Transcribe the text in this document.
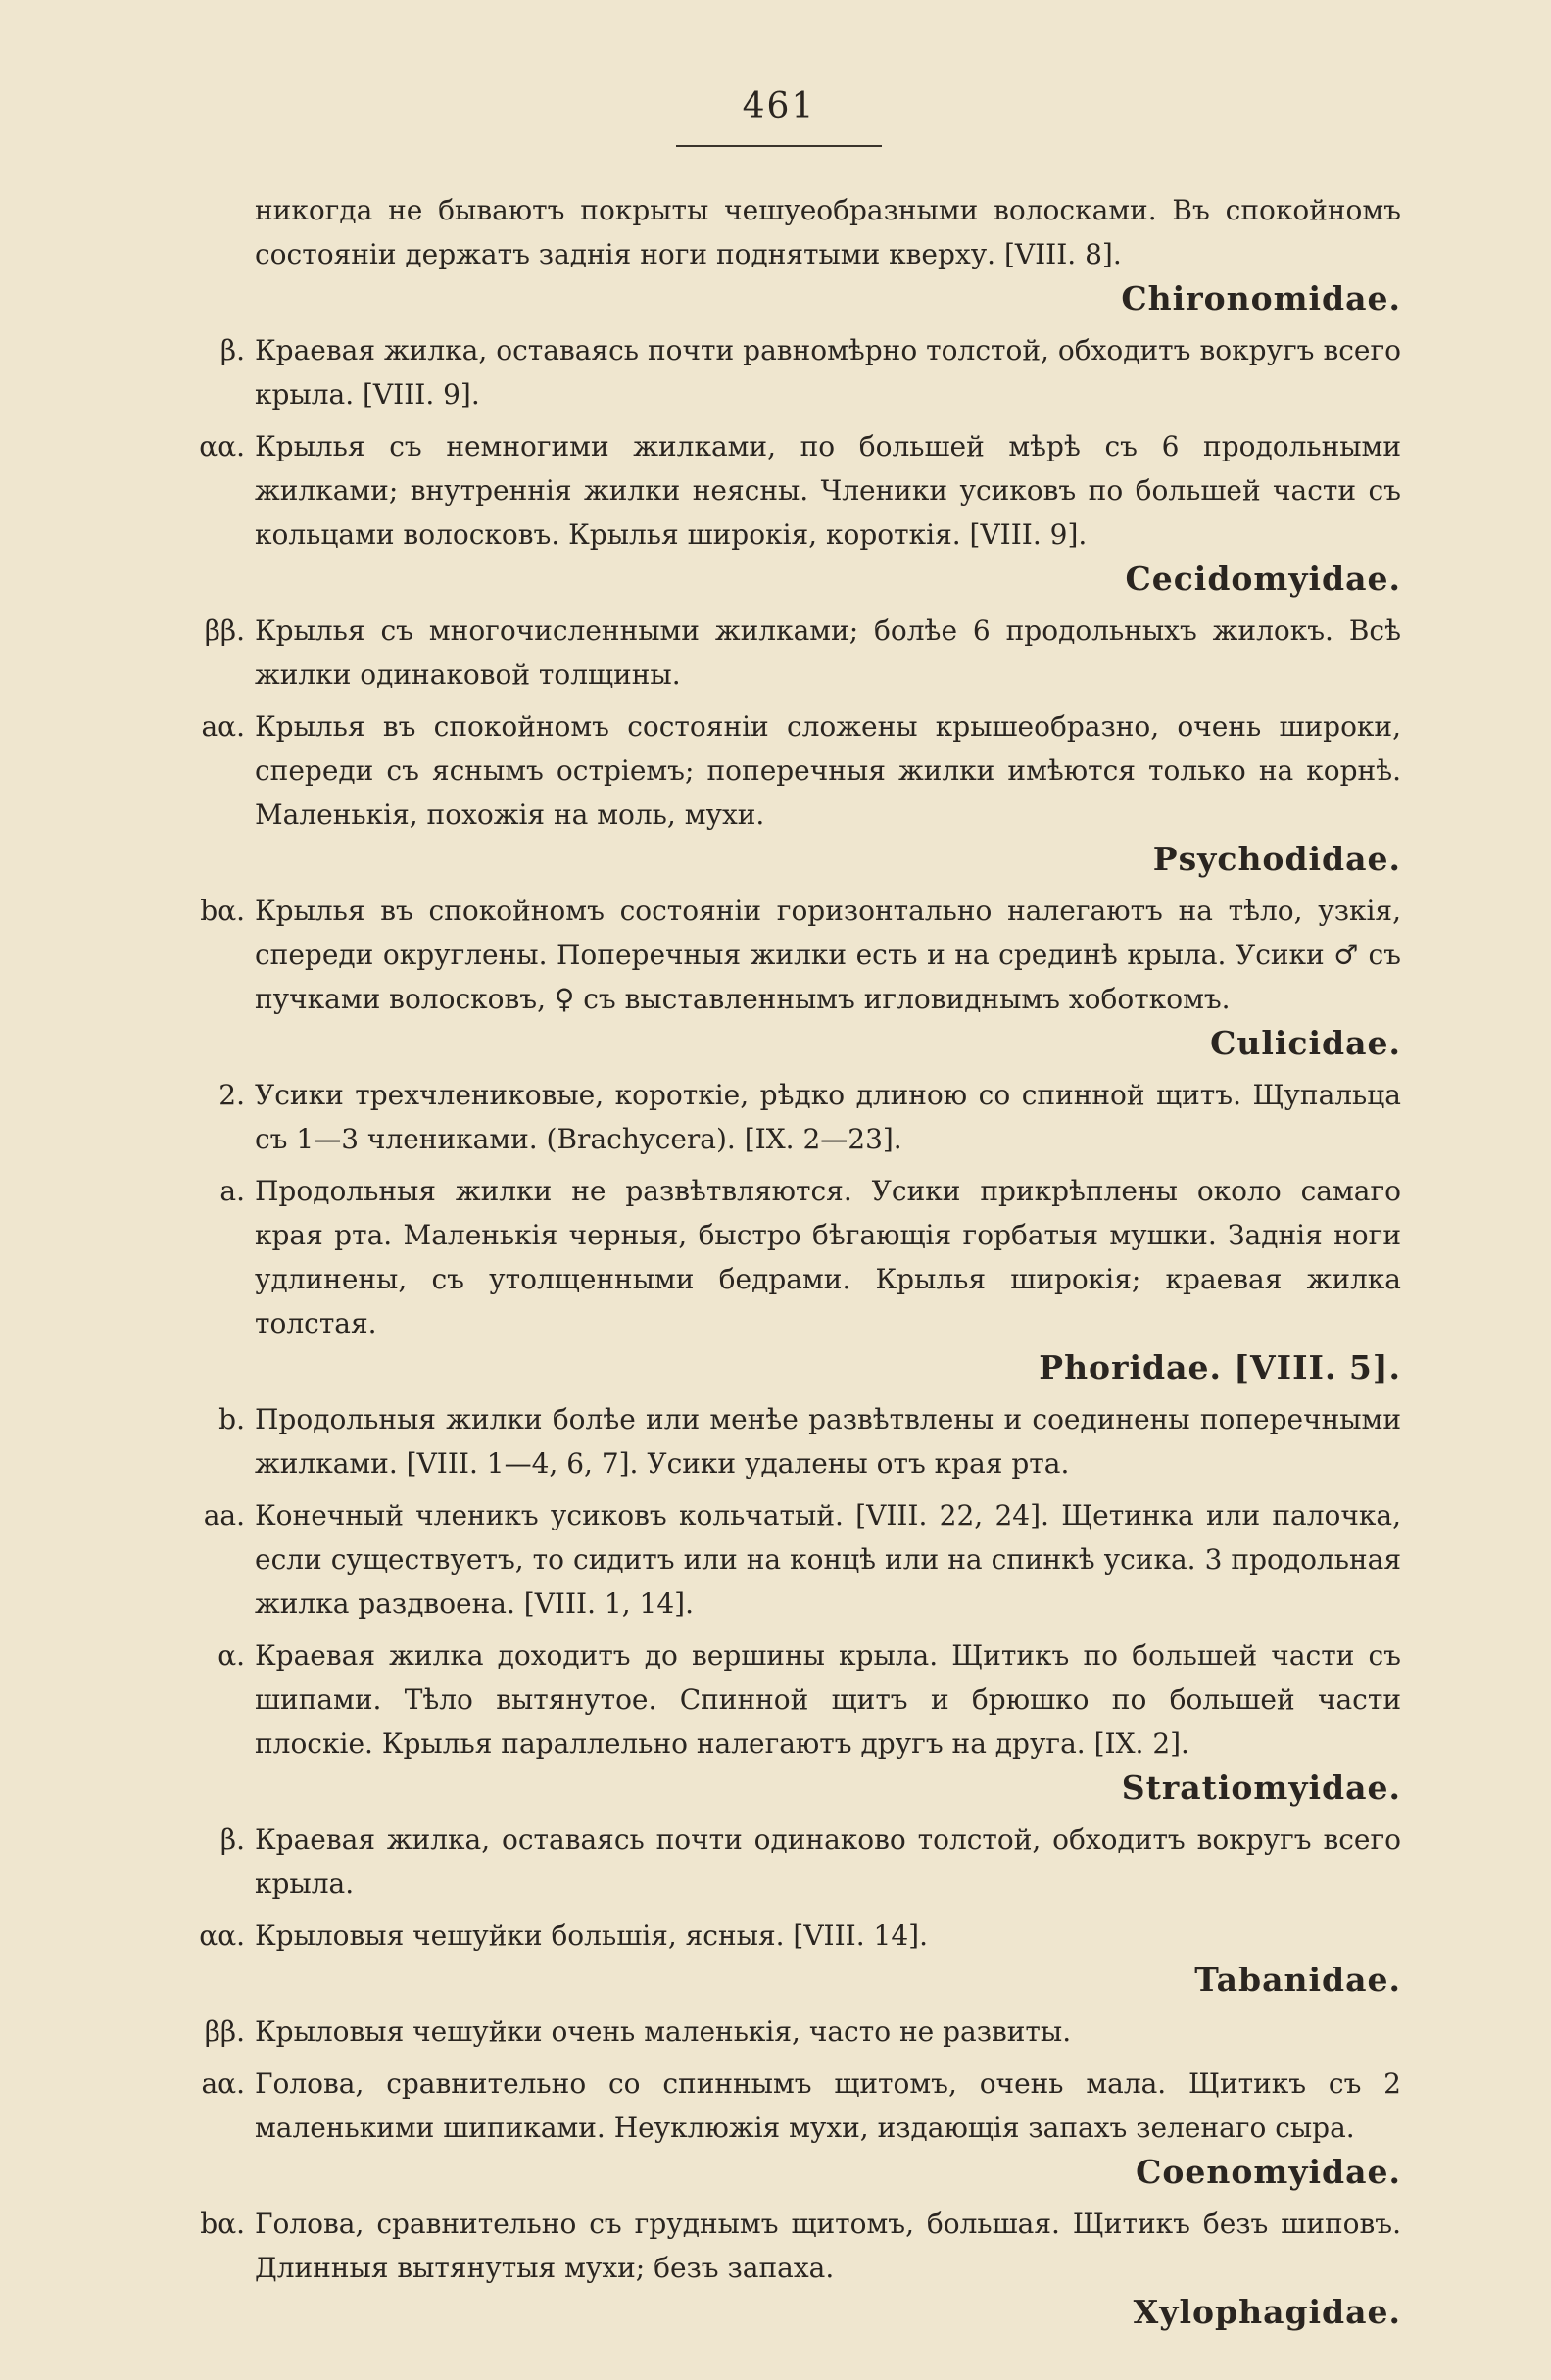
461
никогда не бываютъ покрыты чешуеобразными волосками. Въ спокойномъ состоянiи держатъ заднiя ноги поднятыми кверху. [VIII. 8].
Chironomidae.
β. Краевая жилка, оставаясь почти равномѣрно толстой, обходитъ вокругъ всего крыла. [VIII. 9].
αα. Крылья съ немногими жилками, по большей мѣрѣ съ 6 продольными жилками; внутреннiя жилки неясны. Членики усиковъ по большей части съ кольцами волосковъ. Крылья широкiя, короткiя. [VIII. 9].
Cecidomyidae.
ββ. Крылья съ многочисленными жилками; болѣе 6 продольныхъ жилокъ. Всѣ жилки одинаковой толщины.
aα. Крылья въ спокойномъ состоянiи сложены крышеобразно, очень широки, спереди съ яснымъ остріемъ; поперечныя жилки имѣются только на корнѣ. Маленькiя, похожiя на моль, мухи.
Psychodidae.
bα. Крылья въ спокойномъ состоянiи горизонтально налегаютъ на тѣло, узкiя, спереди округлены. Поперечныя жилки есть и на срединѣ крыла. Усики ♂ съ пучками волосковъ, ♀ съ выставленнымъ игловиднымъ хоботкомъ.
Culicidae.
2. Усики трехчлениковые, короткiе, рѣдко длиною со спинной щитъ. Щупальца съ 1—3 члениками. (Brachycera). [IX. 2—23].
a. Продольныя жилки не развѣтвляются. Усики прикрѣплены около самаго края рта. Маленькiя черныя, быстро бѣгающiя горбатыя мушки. Заднiя ноги удлинены, съ утолщенными бедрами. Крылья широкiя; краевая жилка толстая.
Phoridae. [VIII. 5].
b. Продольныя жилки болѣе или менѣе развѣтвлены и соединены поперечными жилками. [VIII. 1—4, 6, 7]. Усики удалены отъ края рта.
aa. Конечный членикъ усиковъ кольчатый. [VIII. 22, 24]. Щетинка или палочка, если существуетъ, то сидитъ или на концѣ или на спинкѣ усика. 3 продольная жилка раздвоена. [VIII. 1, 14].
α. Краевая жилка доходитъ до вершины крыла. Щитикъ по большей части съ шипами. Тѣло вытянутое. Спинной щитъ и брюшко по большей части плоскiе. Крылья параллельно налегаютъ другъ на друга. [IX. 2].
Stratiomyidae.
β. Краевая жилка, оставаясь почти одинаково толстой, обходитъ вокругъ всего крыла.
αα. Крыловыя чешуйки большiя, ясныя. [VIII. 14].
Tabanidae.
ββ. Крыловыя чешуйки очень маленькiя, часто не развиты.
aα. Голова, сравнительно со спиннымъ щитомъ, очень мала. Щитикъ съ 2 маленькими шипиками. Неуклюжiя мухи, издающiя запахъ зеленаго сыра.
Coenomyidae.
bα. Голова, сравнительно съ груднымъ щитомъ, большая. Щитикъ безъ шиповъ. Длинныя вытянутыя мухи; безъ запаха.
Xylophagidae.
